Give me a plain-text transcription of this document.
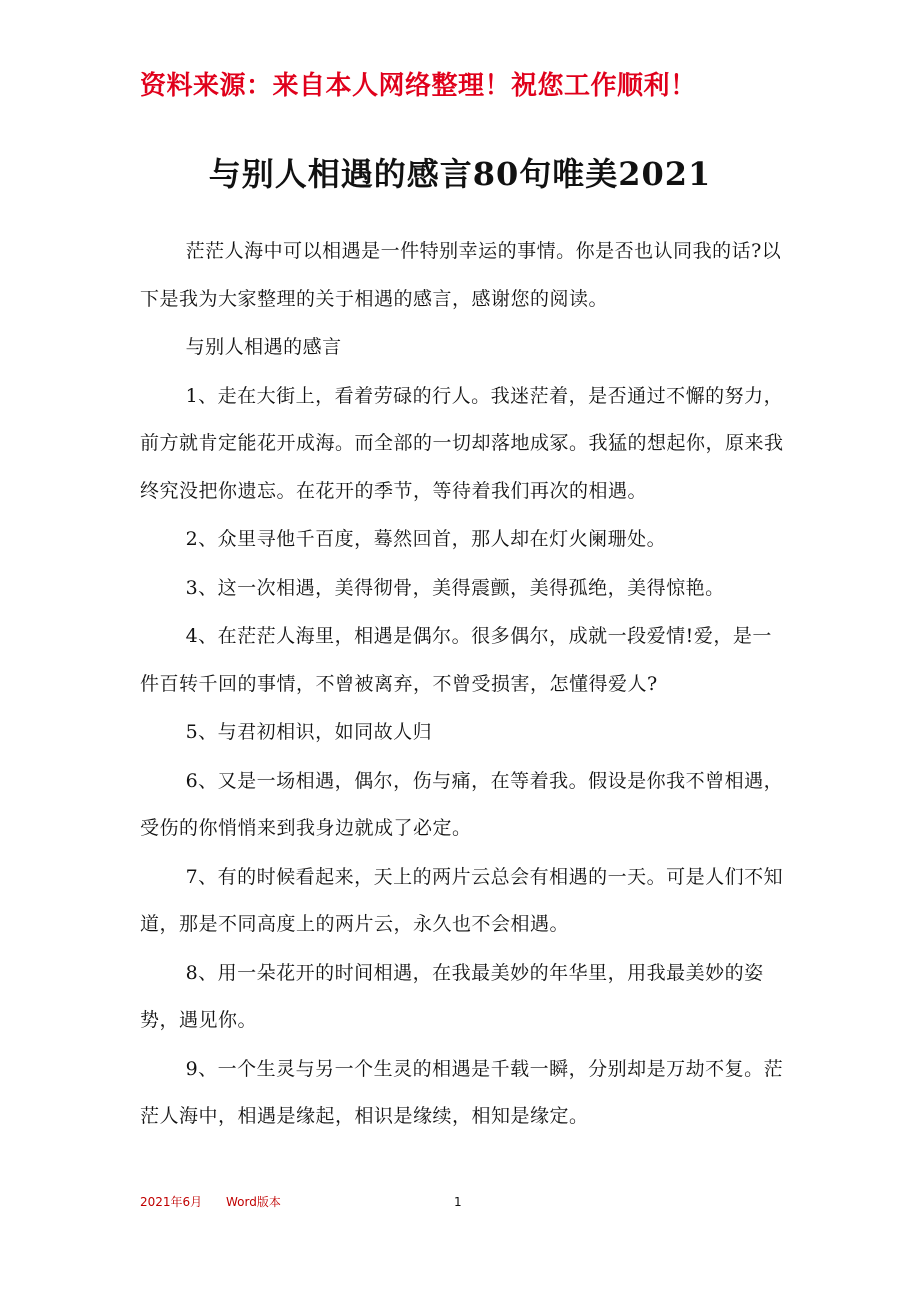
资料来源：来自本人网络整理！祝您工作顺利！
与别人相遇的感言80句唯美2021

茫茫人海中可以相遇是一件特别幸运的事情。你是否也认同我的话?以下是我为大家整理的关于相遇的感言，感谢您的阅读。

与别人相遇的感言

1、走在大街上，看着劳碌的行人。我迷茫着，是否通过不懈的努力，前方就肯定能花开成海。而全部的一切却落地成冢。我猛的想起你，原来我终究没把你遗忘。在花开的季节，等待着我们再次的相遇。

2、众里寻他千百度，蓦然回首，那人却在灯火阑珊处。

3、这一次相遇，美得彻骨，美得震颤，美得孤绝，美得惊艳。

4、在茫茫人海里，相遇是偶尔。很多偶尔，成就一段爱情!爱，是一件百转千回的事情，不曾被离弃，不曾受损害，怎懂得爱人?

5、与君初相识，如同故人归

6、又是一场相遇，偶尔，伤与痛，在等着我。假设是你我不曾相遇，受伤的你悄悄来到我身边就成了必定。

7、有的时候看起来，天上的两片云总会有相遇的一天。可是人们不知道，那是不同高度上的两片云，永久也不会相遇。

8、用一朵花开的时间相遇，在我最美妙的年华里，用我最美妙的姿势，遇见你。

9、一个生灵与另一个生灵的相遇是千载一瞬，分别却是万劫不复。茫茫人海中，相遇是缘起，相识是缘续，相知是缘定。

2021年6月 Word版本	1
